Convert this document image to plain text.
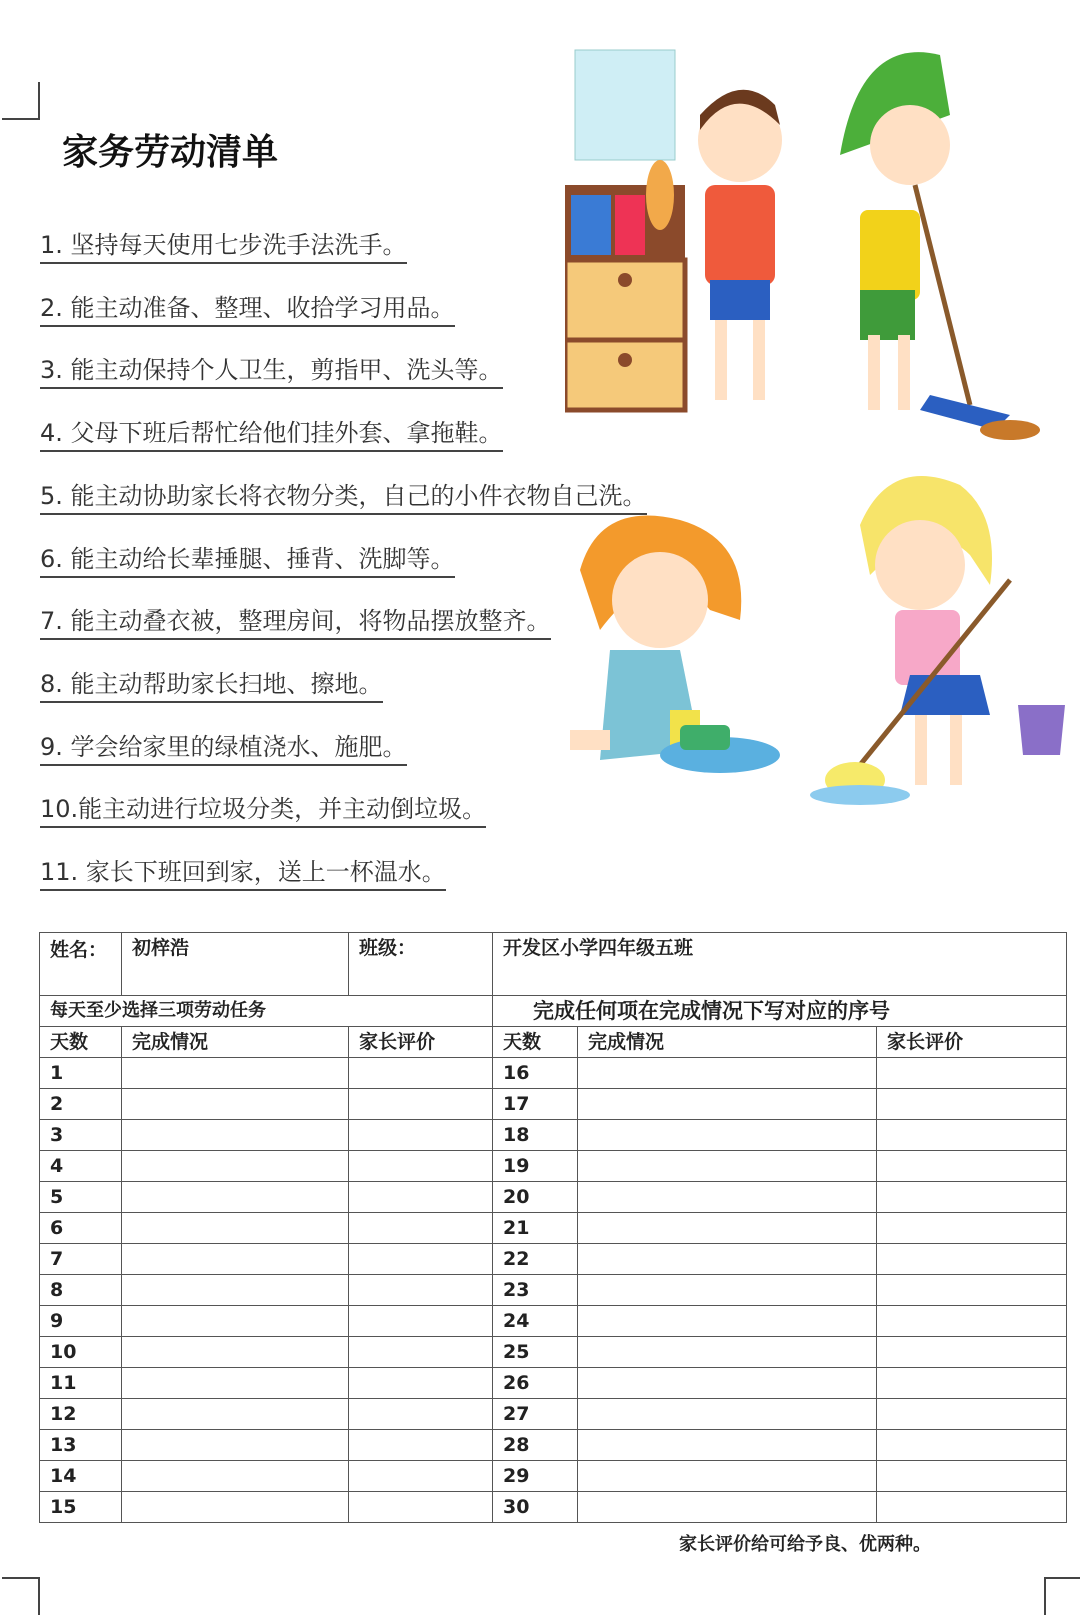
家务劳动清单
1. 坚持每天使用七步洗手法洗手。
2. 能主动准备、整理、收拾学习用品。
3. 能主动保持个人卫生，剪指甲、洗头等。
4. 父母下班后帮忙给他们挂外套、拿拖鞋。
5. 能主动协助家长将衣物分类，自己的小件衣物自己洗。
6. 能主动给长辈捶腿、捶背、洗脚等。
7. 能主动叠衣被，整理房间，将物品摆放整齐。
8. 能主动帮助家长扫地、擦地。
9. 学会给家里的绿植浇水、施肥。
10.能主动进行垃圾分类，并主动倒垃圾。
11. 家长下班回到家，送上一杯温水。
姓名：	初梓浩	班级：	开发区小学四年级五班		
每天至少选择三项劳动任务			完成任何项在完成情况下写对应的序号		
天数	完成情况	家长评价	天数	完成情况	家长评价
1			16		
2			17		
3			18		
4			19		
5			20		
6			21		
7			22		
8			23		
9			24		
10			25		
11			26		
12			27		
13			28		
14			29		
15			30		
家长评价给可给予良、优两种。
